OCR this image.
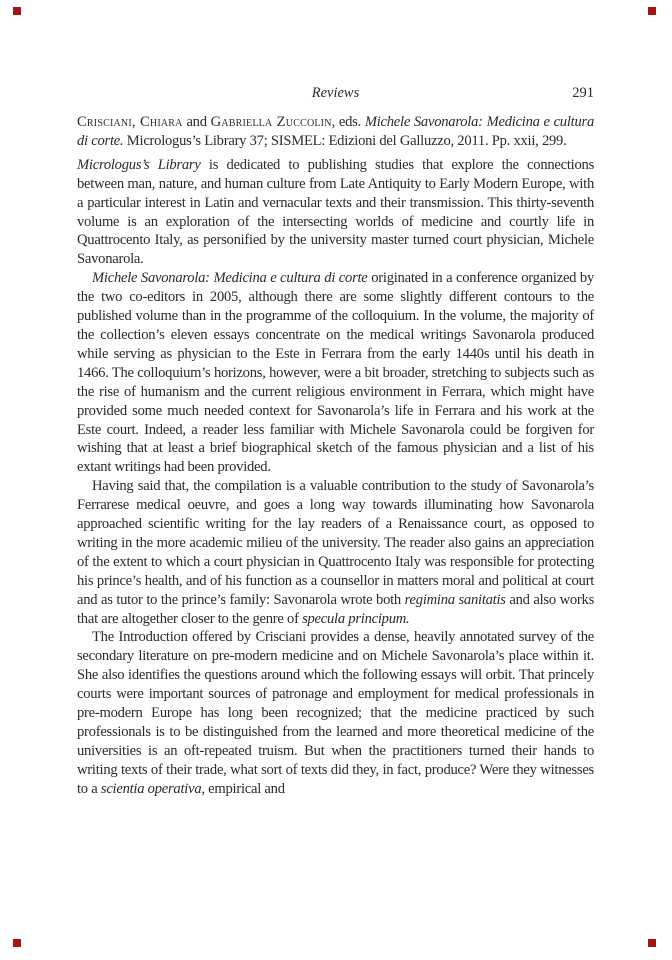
Reviews	291

Crisciani, Chiara and Gabriella Zuccolin, eds. Michele Savonarola: Medicina e cultura di corte. Micrologus’s Library 37; SISMEL: Edizioni del Galluzzo, 2011. Pp. xxii, 299.

Micrologus’s Library is dedicated to publishing studies that explore the connections between man, nature, and human culture from Late Antiquity to Early Modern Europe, with a particular interest in Latin and vernacular texts and their transmission. This thirty-seventh volume is an exploration of the intersecting worlds of medicine and courtly life in Quattrocento Italy, as personified by the university master turned court physician, Michele Savonarola.

Michele Savonarola: Medicina e cultura di corte originated in a conference organized by the two co-editors in 2005, although there are some slightly different contours to the published volume than in the programme of the colloquium. In the volume, the majority of the collection’s eleven essays concentrate on the medical writings Savonarola produced while serving as physician to the Este in Ferrara from the early 1440s until his death in 1466. The colloquium’s horizons, however, were a bit broader, stretching to subjects such as the rise of humanism and the current religious environment in Ferrara, which might have provided some much needed context for Savonarola’s life in Ferrara and his work at the Este court. Indeed, a reader less familiar with Michele Savonarola could be forgiven for wishing that at least a brief biographical sketch of the famous physician and a list of his extant writings had been provided.

Having said that, the compilation is a valuable contribution to the study of Savonarola’s Ferrarese medical oeuvre, and goes a long way towards illuminating how Savonarola approached scientific writing for the lay readers of a Renaissance court, as opposed to writing in the more academic milieu of the university. The reader also gains an appreciation of the extent to which a court physician in Quattrocento Italy was responsible for protecting his prince’s health, and of his function as a counsellor in matters moral and political at court and as tutor to the prince’s family: Savonarola wrote both regimina sanitatis and also works that are altogether closer to the genre of specula principum.

The Introduction offered by Crisciani provides a dense, heavily annotated survey of the secondary literature on pre-modern medicine and on Michele Savonarola’s place within it. She also identifies the questions around which the following essays will orbit. That princely courts were important sources of patronage and employment for medical professionals in pre-modern Europe has long been recognized; that the medicine practiced by such professionals is to be distinguished from the learned and more theoretical medicine of the universities is an oft-repeated truism. But when the practitioners turned their hands to writing texts of their trade, what sort of texts did they, in fact, produce? Were they witnesses to a scientia operativa, empirical and
